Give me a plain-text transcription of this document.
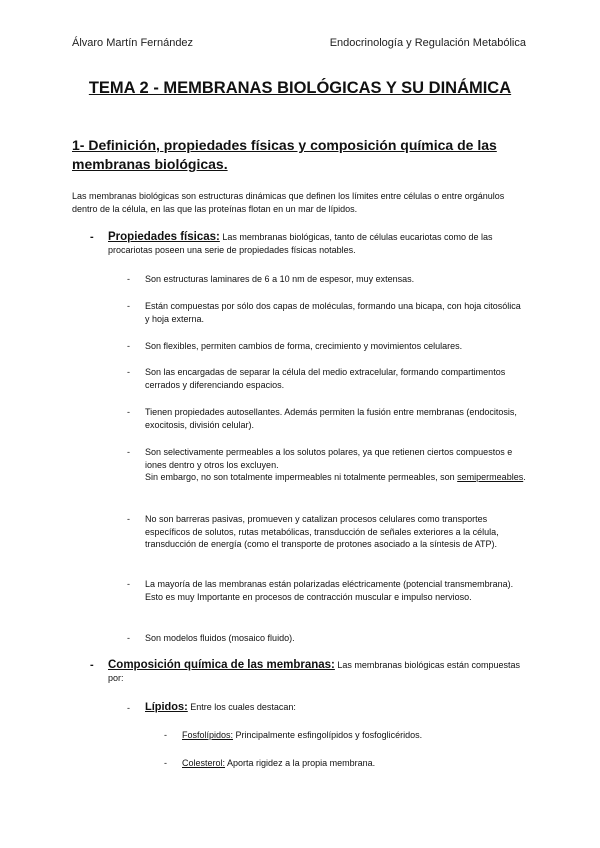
Álvaro Martín Fernández	Endocrinología y Regulación Metabólica
TEMA 2 - MEMBRANAS BIOLÓGICAS Y SU DINÁMICA
1- Definición, propiedades físicas y composición química de las membranas biológicas.

Las membranas biológicas son estructuras dinámicas que definen los límites entre células o entre orgánulos dentro de la célula, en las que las proteínas flotan en un mar de lípidos.

- Propiedades físicas: Las membranas biológicas, tanto de células eucariotas como de las procariotas poseen una serie de propiedades físicas notables.
- Son estructuras laminares de 6 a 10 nm de espesor, muy extensas.
- Están compuestas por sólo dos capas de moléculas, formando una bicapa, con hoja citosólica y hoja externa.
- Son flexibles, permiten cambios de forma, crecimiento y movimientos celulares.
- Son las encargadas de separar la célula del medio extracelular, formando compartimentos cerrados y diferenciando espacios.
- Tienen propiedades autosellantes. Además permiten la fusión entre membranas (endocitosis, exocitosis, división celular).
- Son selectivamente permeables a los solutos polares, ya que retienen ciertos compuestos e iones dentro y otros los excluyen.
Sin embargo, no son totalmente impermeables ni totalmente permeables, son semipermeables.
- No son barreras pasivas, promueven y catalizan procesos celulares como transportes específicos de solutos, rutas metabólicas, transducción de señales exteriores a la célula, transducción de energía (como el transporte de protones asociado a la síntesis de ATP).
- La mayoría de las membranas están polarizadas eléctricamente (potencial transmembrana). Esto es muy Importante en procesos de contracción muscular e impulso nervioso.
- Son modelos fluidos (mosaico fluido).
- Composición química de las membranas: Las membranas biológicas están compuestas por:
- Lípidos: Entre los cuales destacan:
- Fosfolípidos: Principalmente esfingolípidos y fosfoglicéridos.
- Colesterol: Aporta rigidez a la propia membrana.
